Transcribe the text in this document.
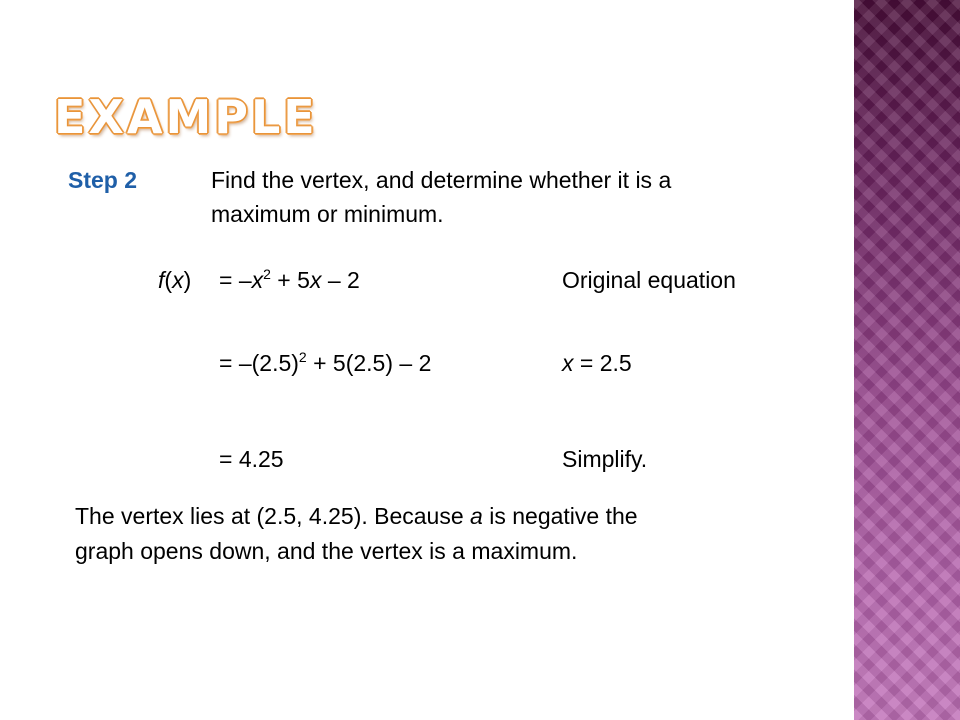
EXAMPLE
Step 2	Find the vertex, and determine whether it is a
maximum or minimum.
$f(x) = -x^2 + 5x - 2$	Original equation
= $-(2.5)^2 + 5(2.5) - 2$	x = 2.5
= 4.25	Simplify.
The vertex lies at (2.5, 4.25). Because a is negative the
graph opens down, and the vertex is a maximum.
